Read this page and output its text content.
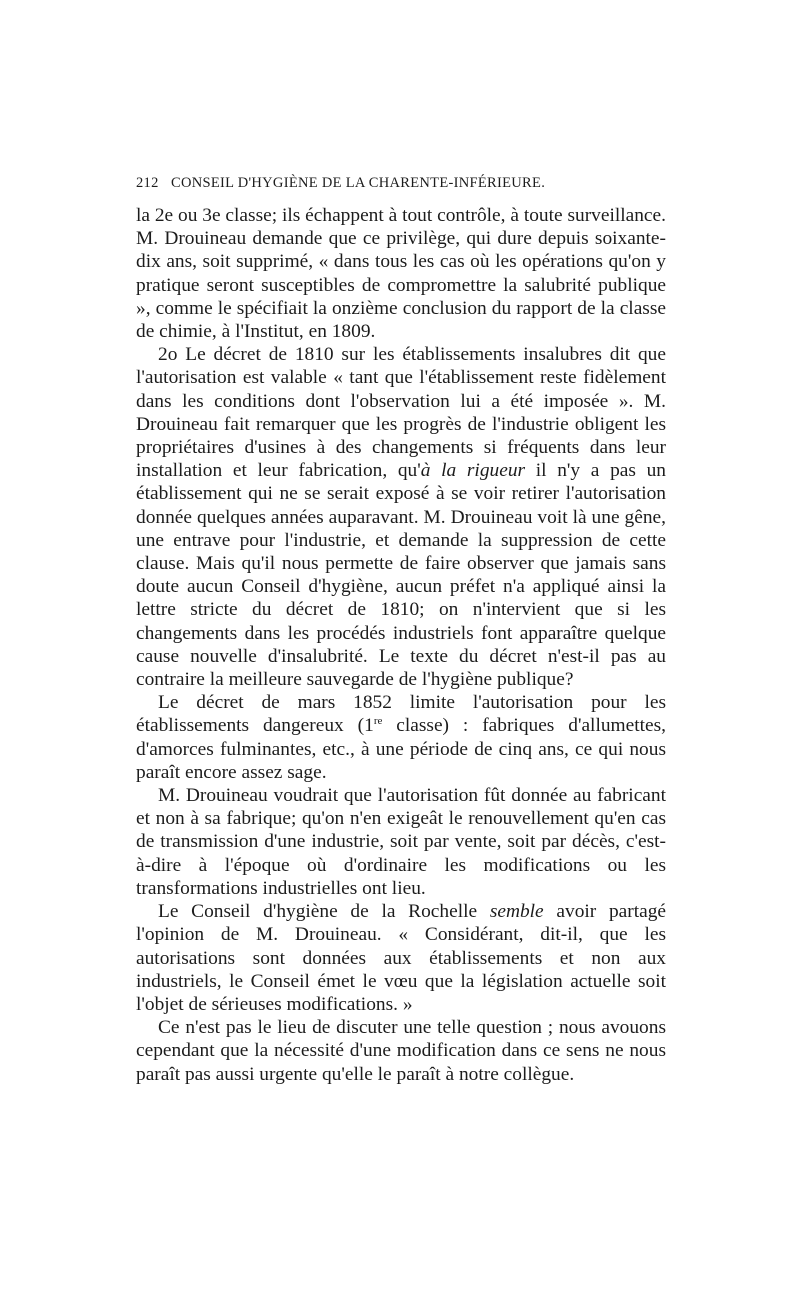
212 CONSEIL D'HYGIÈNE DE LA CHARENTE-INFÉRIEURE.

la 2e ou 3e classe; ils échappent à tout contrôle, à toute surveillance. M. Drouineau demande que ce privilège, qui dure depuis soixante-dix ans, soit supprimé, « dans tous les cas où les opérations qu'on y pratique seront susceptibles de compromettre la salubrité publique », comme le spécifiait la onzième conclusion du rapport de la classe de chimie, à l'Institut, en 1809.

2o Le décret de 1810 sur les établissements insalubres dit que l'autorisation est valable « tant que l'établissement reste fidèlement dans les conditions dont l'observation lui a été imposée ». M. Drouineau fait remarquer que les progrès de l'industrie obligent les propriétaires d'usines à des changements si fréquents dans leur installation et leur fabrication, qu'à la rigueur il n'y a pas un établissement qui ne se serait exposé à se voir retirer l'autorisation donnée quelques années auparavant. M. Drouineau voit là une gêne, une entrave pour l'industrie, et demande la suppression de cette clause. Mais qu'il nous permette de faire observer que jamais sans doute aucun Conseil d'hygiène, aucun préfet n'a appliqué ainsi la lettre stricte du décret de 1810; on n'intervient que si les changements dans les procédés industriels font apparaître quelque cause nouvelle d'insalubrité. Le texte du décret n'est-il pas au contraire la meilleure sauvegarde de l'hygiène publique?

Le décret de mars 1852 limite l'autorisation pour les établissements dangereux (1re classe) : fabriques d'allumettes, d'amorces fulminantes, etc., à une période de cinq ans, ce qui nous paraît encore assez sage.

M. Drouineau voudrait que l'autorisation fût donnée au fabricant et non à sa fabrique; qu'on n'en exigeât le renouvellement qu'en cas de transmission d'une industrie, soit par vente, soit par décès, c'est-à-dire à l'époque où d'ordinaire les modifications ou les transformations industrielles ont lieu.

Le Conseil d'hygiène de la Rochelle semble avoir partagé l'opinion de M. Drouineau. « Considérant, dit-il, que les autorisations sont données aux établissements et non aux industriels, le Conseil émet le vœu que la législation actuelle soit l'objet de sérieuses modifications. »

Ce n'est pas le lieu de discuter une telle question ; nous avouons cependant que la nécessité d'une modification dans ce sens ne nous paraît pas aussi urgente qu'elle le paraît à notre collègue.
